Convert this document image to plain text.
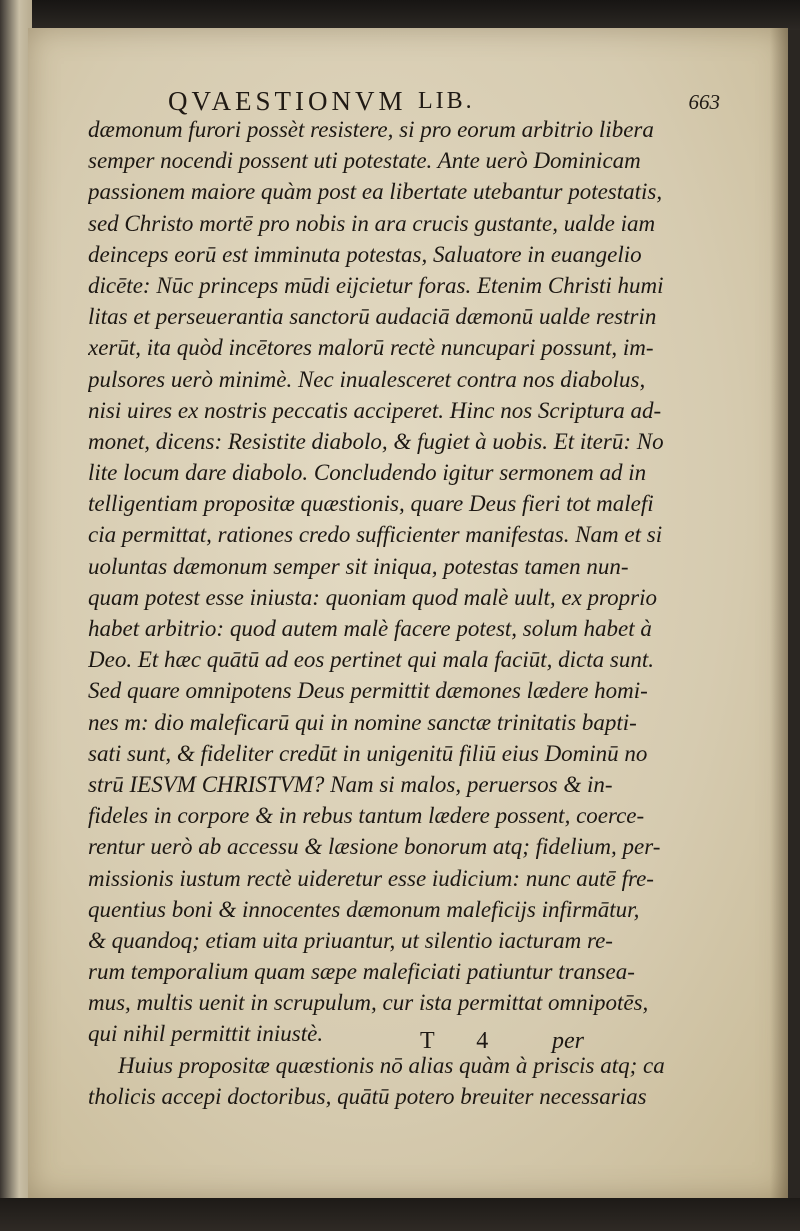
QVAESTIONVM LIB.	663
dæmonum furori possèt resistere, si pro eorum arbitrio libera
semper nocendi possent uti potestate. Ante uerò Dominicam
passionem maiore quàm post ea libertate utebantur potestatis,
sed Christo mortē pro nobis in ara crucis gustante, ualde iam
deinceps eorū est imminuta potestas, Saluatore in euangelio
dicēte: Nūc princeps mūdi eijcietur foras. Etenim Christi humi
litas et perseuerantia sanctorū audaciā dæmonū ualde restrin
xerūt, ita quòd incētores malorū rectè nuncupari possunt, im-
pulsores uerò minimè. Nec inualesceret contra nos diabolus,
nisi uires ex nostris peccatis acciperet. Hinc nos Scriptura ad-
monet, dicens: Resistite diabolo, & fugiet à uobis. Et iterū: No
lite locum dare diabolo. Concludendo igitur sermonem ad in
telligentiam propositæ quæstionis, quare Deus fieri tot malefi
cia permittat, rationes credo sufficienter manifestas. Nam et si
uoluntas dæmonum semper sit iniqua, potestas tamen nun-
quam potest esse iniusta: quoniam quod malè uult, ex proprio
habet arbitrio: quod autem malè facere potest, solum habet à
Deo. Et hæc quātū ad eos pertinet qui mala faciūt, dicta sunt.
Sed quare omnipotens Deus permittit dæmones lædere homi-
nes m: dio maleficarū qui in nomine sanctæ trinitatis bapti-
sati sunt, & fideliter credūt in unigenitū filiū eius Dominū no
strū IESVM CHRISTVM? Nam si malos, peruersos & in-
fideles in corpore & in rebus tantum lædere possent, coerce-
rentur uerò ab accessu & læsione bonorum atq; fidelium, per-
missionis iustum rectè uideretur esse iudicium: nunc autē fre-
quentius boni & innocentes dæmonum maleficijs infirmātur,
& quandoq; etiam uita priuantur, ut silentio iacturam re-
rum temporalium quam sæpe maleficiati patiuntur transea-
mus, multis uenit in scrupulum, cur ista permittat omnipotēs,
qui nihil permittit iniustè.
Huius propositæ quæstionis nō alias quàm à priscis atq; ca
tholicis accepi doctoribus, quātū potero breuiter necessarias
T 4 per
